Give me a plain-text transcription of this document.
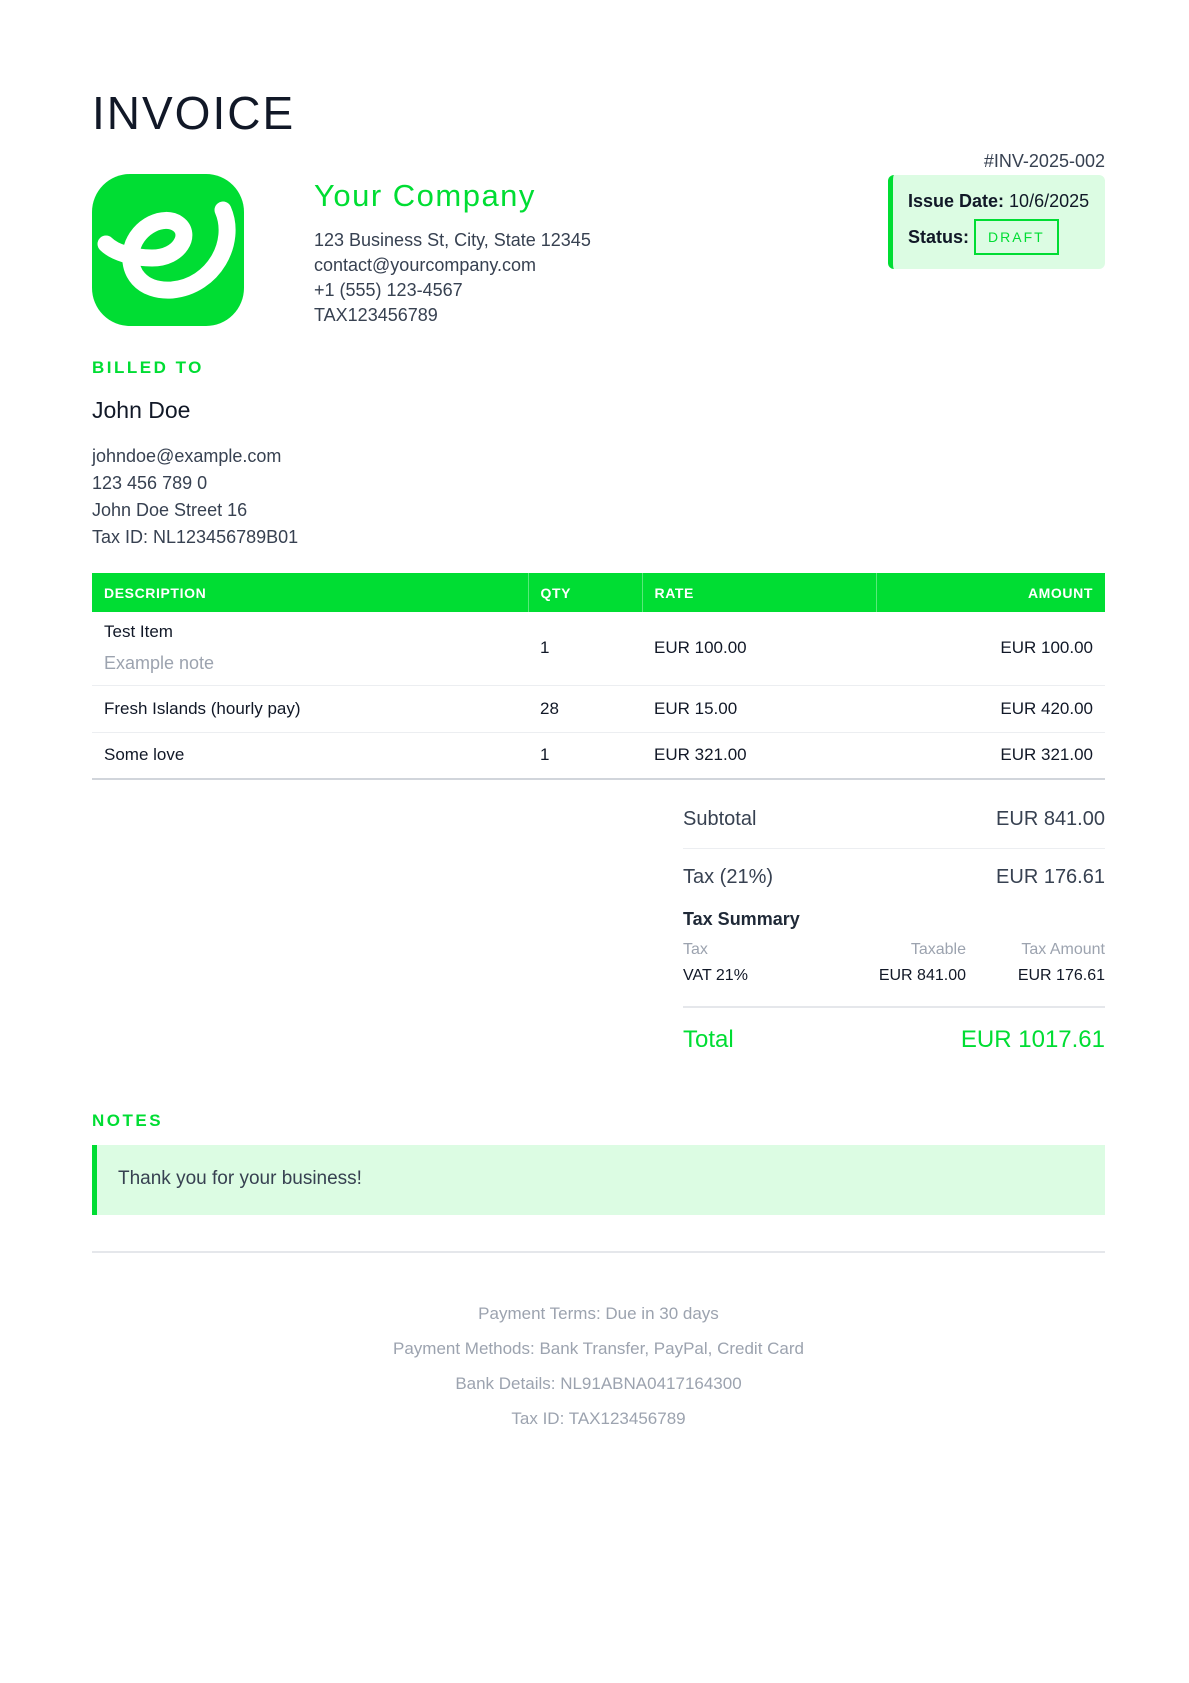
INVOICE
Your Company
123 Business St, City, State 12345
contact@yourcompany.com
+1 (555) 123-4567
TAX123456789
#INV-2025-002
Issue Date: 10/6/2025
Status:	DRAFT
BILLED TO
John Doe
johndoe@example.com
123 456 789 0
John Doe Street 16
Tax ID: NL123456789B01
DESCRIPTION	QTY	RATE	AMOUNT

Test Item
Example note	1	EUR 100.00	EUR 100.00
Fresh Islands (hourly pay)	28	EUR 15.00	EUR 420.00
Some love	1	EUR 321.00	EUR 321.00
Subtotal	EUR 841.00
Tax (21%)	EUR 176.61
Tax Summary
Tax	Taxable	Tax Amount
VAT 21%	EUR 841.00	EUR 176.61
Total	EUR 1017.61
NOTES
Thank you for your business!
Payment Terms: Due in 30 days
Payment Methods: Bank Transfer, PayPal, Credit Card
Bank Details: NL91ABNA0417164300
Tax ID: TAX123456789
